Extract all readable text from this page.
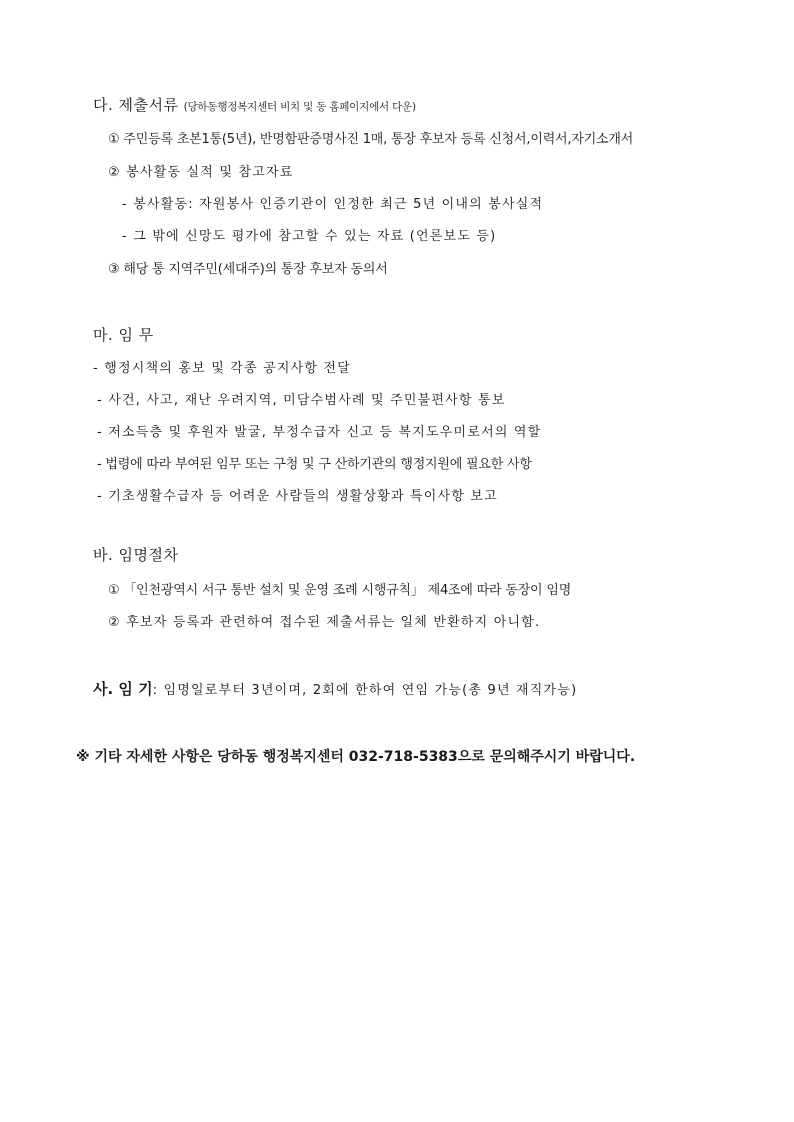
다. 제출서류 (당하동행정복지센터 비치 및 동 홈페이지에서 다운)
① 주민등록 초본1통(5년), 반명함판증명사진 1매, 통장 후보자 등록 신청서,이력서,자기소개서
② 봉사활동 실적 및 참고자료
- 봉사활동: 자원봉사 인증기관이 인정한 최근 5년 이내의 봉사실적
- 그 밖에 신망도 평가에 참고할 수 있는 자료 (언론보도 등)
③ 해당 통 지역주민(세대주)의 통장 후보자 동의서
마. 임 무
- 행정시책의 홍보 및 각종 공지사항 전달
- 사건, 사고, 재난 우려지역, 미담수범사례 및 주민불편사항 통보
- 저소득층 및 후원자 발굴, 부정수급자 신고 등 복지도우미로서의 역할
- 법령에 따라 부여된 임무 또는 구청 및 구 산하기관의 행정지원에 필요한 사항
- 기초생활수급자 등 어려운 사람들의 생활상황과 특이사항 보고
바. 임명절차
① 「인천광역시 서구 통반 설치 및 운영 조례 시행규칙」 제4조에 따라 동장이 임명
② 후보자 등록과 관련하여 접수된 제출서류는 일체 반환하지 아니함.
사. 임 기: 임명일로부터 3년이며, 2회에 한하여 연임 가능(총 9년 재직가능)
※ 기타 자세한 사항은 당하동 행정복지센터 032-718-5383으로 문의해주시기 바랍니다.
